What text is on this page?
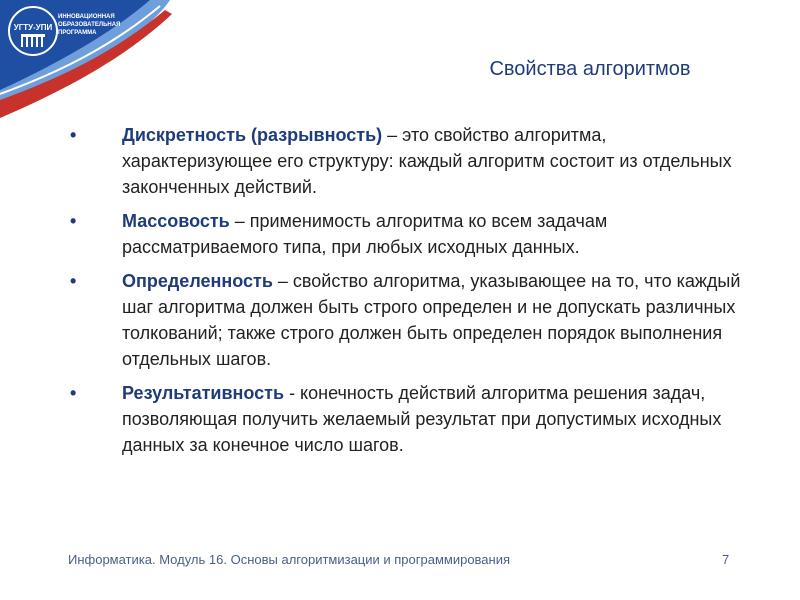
УГТУ-УПИ
ИННОВАЦИОННАЯ
ОБРАЗОВАТЕЛЬНАЯ
ПРОГРАММА
Свойства алгоритмов
•	Дискретность (разрывность) – это свойство алгоритма, характеризующее его структуру: каждый алгоритм состоит из отдельных законченных действий.
•	Массовость – применимость алгоритма ко всем задачам рассматриваемого типа, при любых исходных данных.
•	Определенность – свойство алгоритма, указывающее на то, что каждый шаг алгоритма должен быть строго определен и не допускать различных толкований; также строго должен быть определен порядок выполнения отдельных шагов.
•	Результативность - конечность действий алгоритма решения задач, позволяющая получить желаемый результат при допустимых исходных данных за конечное число шагов.
Информатика. Модуль 16. Основы алгоритмизации и программирования	7
